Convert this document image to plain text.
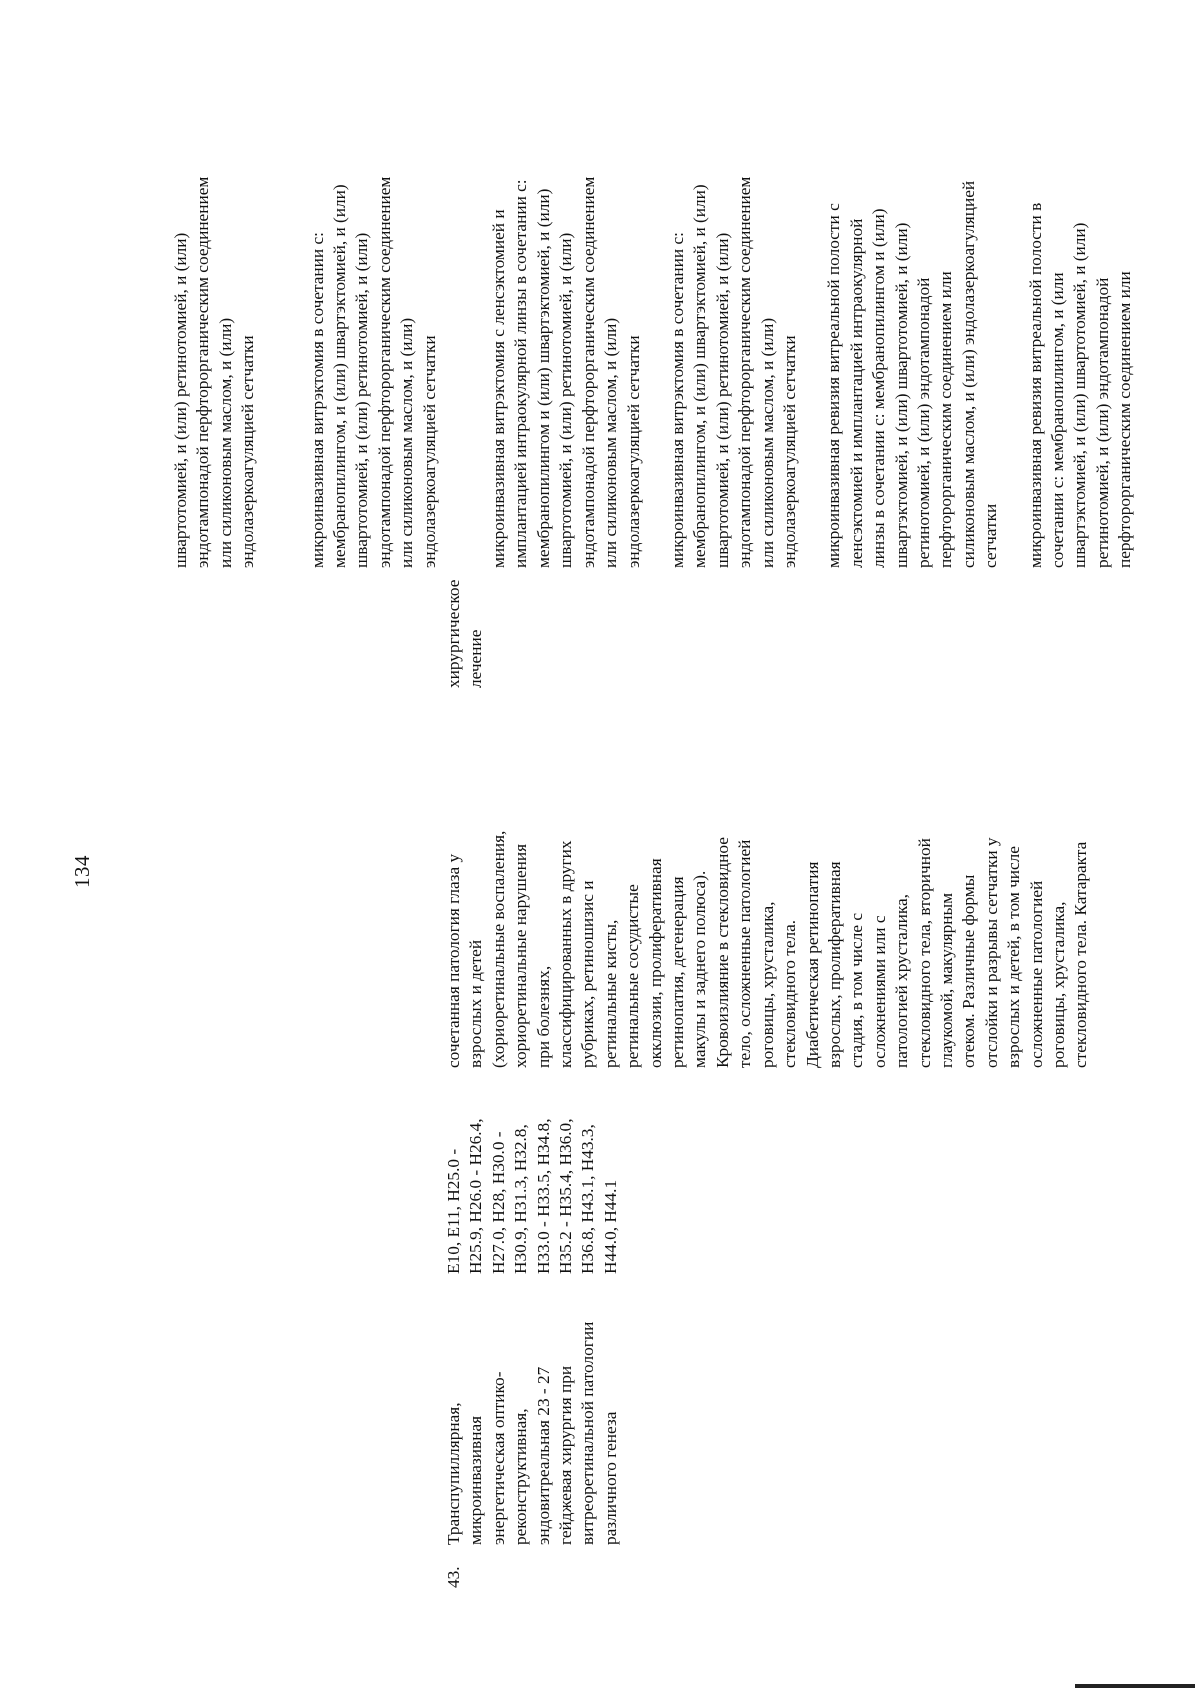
134
43.
Транспупиллярная, микроинвазивная энергетическая оптико- реконструктивная, эндовитреальная 23 - 27 гейджевая хирургия при витреоретинальной патологии различного генеза
E10, E11, H25.0 - H25.9, H26.0 - H26.4, H27.0, H28, H30.0 - H30.9, H31.3, H32.8, H33.0 - H33.5, H34.8, H35.2 - H35.4, H36.0, H36.8, H43.1, H43.3, H44.0, H44.1
сочетанная патология глаза у взрослых и детей (хориоретинальные воспаления, хориоретинальные нарушения при болезнях, классифицированных в других рубриках, ретиношизис и ретинальные кисты, ретинальные сосудистые окклюзии, пролиферативная ретинопатия, дегенерация макулы и заднего полюса). Кровоизлияние в стекловидное тело, осложненные патологией роговицы, хрусталика, стекловидного тела. Диабетическая ретинопатия взрослых, пролиферативная стадия, в том числе с осложнениями или с патологией хрусталика, стекловидного тела, вторичной глаукомой, макулярным отеком. Различные формы отслойки и разрывы сетчатки у взрослых и детей, в том числе осложненные патологией роговицы, хрусталика, стекловидного тела. Катаракта
хирургическое лечение

швартотомией, и (или) ретинотомией, и (или) эндотампонадой перфторорганическим соединением или силиконовым маслом, и (или) эндолазеркоагуляцией сетчатки	микроинвазивная витрэктомия в сочетании с: мембранопилингом, и (или) швартэктомией, и (или) швартотомией, и (или) ретинотомией, и (или) эндотампонадой перфторорганическим соединением или силиконовым маслом, и (или) эндолазеркоагуляцией сетчатки	микроинвазивная витрэктомия с ленсэктомией и имплантацией интраокулярной линзы в сочетании с: мембранопилингом и (или) швартэктомией, и (или) швартотомией, и (или) ретинотомией, и (или) эндотампонадой перфторорганическим соединением или силиконовым маслом, и (или) эндолазеркоагуляцией сетчатки микроинвазивная витрэктомия в сочетании с: мембранопилингом, и (или) швартэктомией, и (или) швартотомией, и (или) ретинотомией, и (или) эндотампонадой перфторорганическим соединением или силиконовым маслом, и (или) эндолазеркоагуляцией сетчатки микроинвазивная ревизия витреальной полости с ленсэктомией и имплантацией интраокулярной линзы в сочетании с: мембранопилингом и (или) швартэктомией, и (или) швартотомией, и (или) ретинотомией, и (или) эндотампонадой перфторорганическим соединением или силиконовым маслом, и (или) эндолазеркоагуляцией сетчатки микроинвазивная ревизия витреальной полости в сочетании с: мембранопилингом, и (или швартэктомией, и (или) швартотомией, и (или) ретинотомией, и (или) эндотампонадой перфторорганическим соединением или
